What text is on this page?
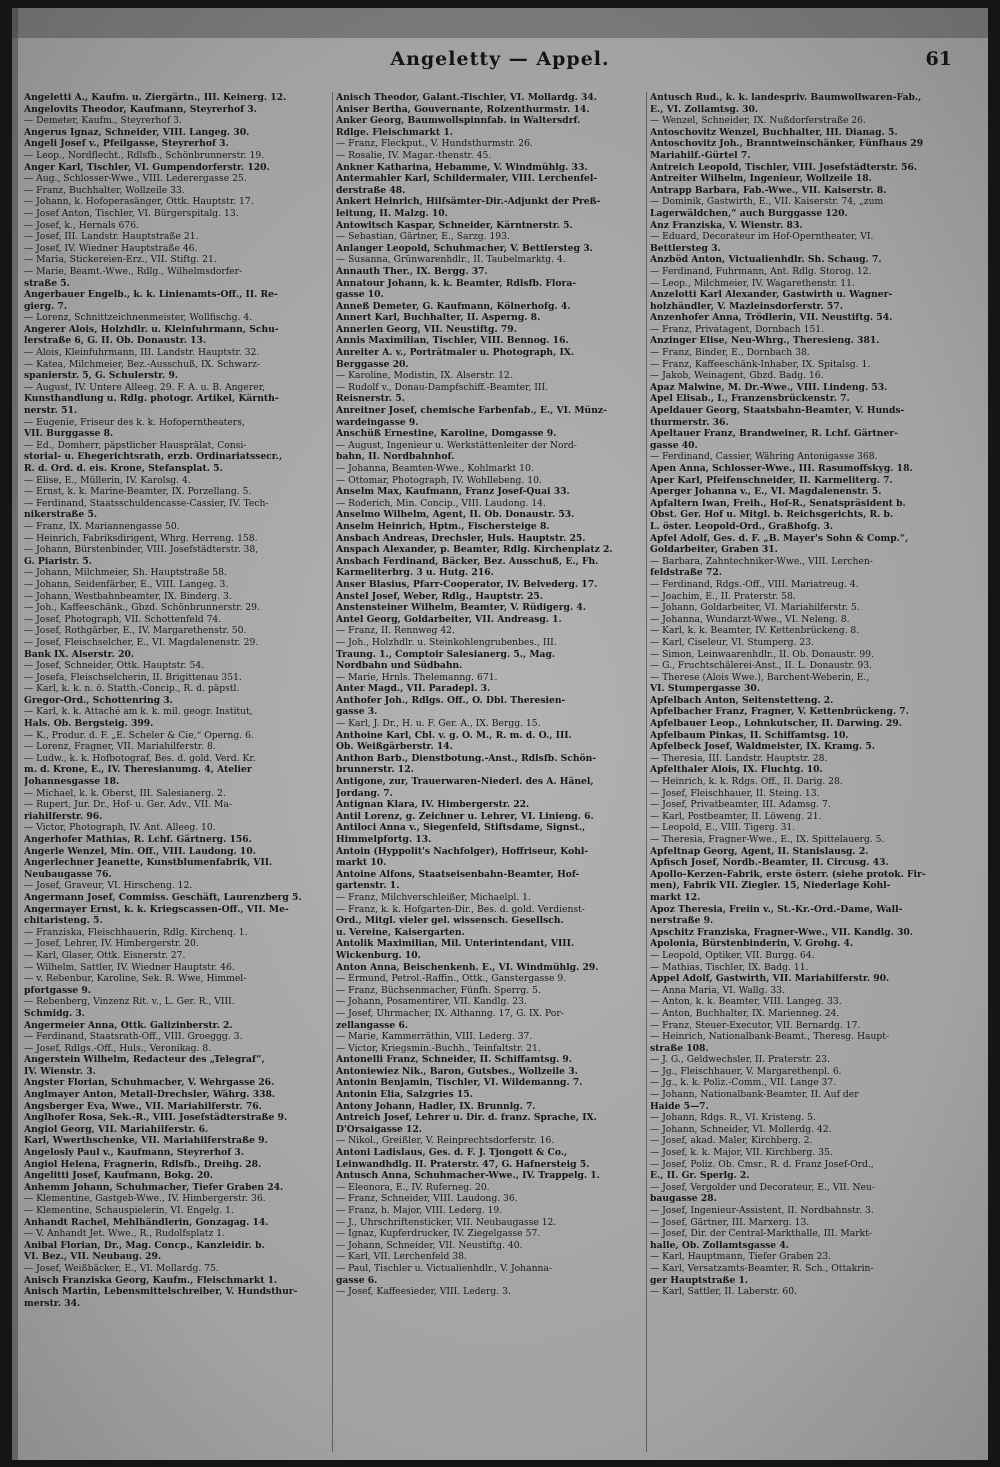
Angeletty — Appel.	61
Angeletti A., Kaufm. u. Ziergärtn., III. Keinerg. 12.
Angelovits Theodor, Kaufmann, Steyrerhof 3.
— Demeter, Kaufm., Steyrerhof 3.
Angerus Ignaz, Schneider, VIII. Langeg. 30.
Angeli Josef v., Pfeilgasse, Steyrerhof 3.
— Leop., Nordflecht., Rdlsfb., Schönbrunnerstr. 19.
Anger Karl, Tischler, VI. Gumpendorferstr. 120.
— Aug., Schlosser-Wwe., VIII. Lederergasse 25.
— Franz, Buchhalter, Wollzeile 33.
— Johann, k. Hofoperasänger, Ottk. Hauptstr. 17.
— Josef Anton, Tischler, VI. Bürgerspitalg. 13.
— Josef, k., Hernals 676.
— Josef, III. Landstr. Hauptstraße 21.
— Josef, IV. Wiedner Hauptstraße 46.
— Maria, Stickereien-Erz., VII. Stiftg. 21.
— Marie, Beamt.-Wwe., Rdlg., Wilhelmsdorfer-
straße 5.
Angerbauer Engelb., k. k. Linienamts-Off., II. Re-
gierg. 7.
— Lorenz, Schnittzeichnenmeister, Wollfischg. 4.
Angerer Alois, Holzhdlr. u. Kleinfuhrmann, Schu-
lerstraße 6, G. II. Ob. Donaustr. 13.
— Alois, Kleinfuhrmann, III. Landstr. Hauptstr. 32.
— Katea, Milchmeier, Bez.-Ausschuß, IX. Schwarz-
spanierstr. 5, G. Schulerstr. 9.
— August, IV. Untere Alleeg. 29. F. A. u. B. Angerer,
Kunsthandlung u. Rdlg. photogr. Artikel, Kärnth-
nerstr. 51.
— Eugenie, Friseur des k. k. Hofoperntheaters,
VII. Burggasse 8.
— Ed., Domherr, päpstlicher Hausprälat, Consi-
storial- u. Ehegerichtsrath, erzb. Ordinariatssecr.,
R. d. Ord. d. eis. Krone, Stefansplat. 5.
— Elise, E., Müllerin, IV. Karolsg. 4.
— Ernst, k. k. Marine-Beamter, IX. Porzellang. 5.
— Ferdinand, Staatsschuldencasse-Cassier, IV. Tech-
nikerstraße 5.
— Franz, IX. Mariannengasse 50.
— Heinrich, Fabriksdirigent, Whrg. Herreng. 158.
— Johann, Bürstenbinder, VIII. Josefstädterstr. 38,
G. Piaristr. 5.
— Johann, Milchmeier, Sh. Hauptstraße 58.
— Johann, Seidenfärber, E., VIII. Langeg. 3.
— Johann, Westbahnbeamter, IX. Binderg. 3.
— Joh., Kaffeeschänk., Gbzd. Schönbrunnerstr. 29.
— Josef, Photograph, VII. Schottenfeld 74.
— Josef, Rothgärber, E., IV. Margarethenstr. 50.
— Josef, Fleischselcher, E., VI. Magdalenenstr. 29.
Bank IX. Alserstr. 20.
— Josef, Schneider, Ottk. Hauptstr. 54.
— Josefa, Fleischselcherin, II. Brigittenau 351.
— Karl, k. k. n. ö. Statth.-Concip., R. d. päpstl.
Gregor-Ord., Schottenring 3.
— Karl, k. k. Attaché am k. k. mil. geogr. Institut,
Hals. Ob. Bergsteig. 399.
— K., Produr. d. F. „E. Scheler & Cie,“ Operng. 6.
— Lorenz, Fragner, VII. Mariahilferstr. 8.
— Ludw., k. k. Hofbotograf, Bes. d. gold. Verd. Kr.
m. d. Krone, E., IV. Theresianumg. 4, Atelier
Johannesgasse 18.
— Michael, k. k. Oberst, III. Salesianerg. 2.
— Rupert, Jur. Dr., Hof- u. Ger. Adv., VII. Ma-
riahilferstr. 96.
— Victor, Photograph, IV. Ant. Alleeg. 10.
Angerhofer Mathias, R. Lchf. Gärtnerg. 156.
Angerle Wenzel, Min. Off., VIII. Laudong. 10.
Angerlechner Jeanette, Kunstblumenfabrik, VII.
Neubaugasse 76.
— Josef, Graveur, VI. Hirscheng. 12.
Angermann Josef, Commiss. Geschäft, Laurenzberg 5.
Angermayer Ernst, k. k. Kriegscassen-Off., VII. Me-
chitaristeng. 5.
— Franziska, Fleischhauerin, Rdlg. Kirchenq. 1.
— Josef, Lehrer, IV. Himbergerstr. 20.
— Karl, Glaser, Ottk. Eisnerstr. 27.
— Wilhelm, Sattler, IV. Wiedner Hauptstr. 46.
— v. Rebenbur, Karoline, Sek. R. Wwe, Himmel-
pfortgasse 9.
— Rebenberg, Vinzenz Rit. v., L. Ger. R., VIII.
Schmidg. 3.
Angermeier Anna, Ottk. Galizinberstr. 2.
— Ferdinand, Staatsrath-Off., VIII. Groeggg. 3.
— Josef, Rdlgs.-Off., Huls., Veronikag. 8.
Angerstein Wilhelm, Redacteur des „Telegraf“,
IV. Wienstr. 3.
Angster Florian, Schuhmacher, V. Wehrgasse 26.
Anglmayer Anton, Metall-Drechsler, Währg. 338.
Angsberger Eva, Wwe., VII. Mariahilferstr. 76.
Anglhofer Rosa, Sek.-R., VIII. Josefstädterstraße 9.
Angiol Georg, VII. Mariahilferstr. 6.
Karl, Wwerthschenke, VII. Mariahilferstraße 9.
Angelosly Paul v., Kaufmann, Steyrerhof 3.
Angiol Helena, Fragnerin, Rdlsfb., Dreihg. 28.
Angelitti Josef, Kaufmann, Bokg. 20.
Anhemm Johann, Schuhmacher, Tiefer Graben 24.
— Klementine, Gastgeb-Wwe., IV. Himbergerstr. 36.
— Klementine, Schauspielerin, VI. Engelg. 1.
Anhandt Rachel, Mehlhändlerin, Gonzagag. 14.
— V. Anhandt Jet. Wwe., R., Rudolfsplatz 1.
Anibal Florian, Dr., Mag. Concp., Kanzleidir. b.
VI. Bez., VII. Neubaug. 29.
— Josef, Weißbäcker, E., VI. Mollardg. 75.
Anisch Franziska Georg, Kaufm., Fleischmarkt 1.
Anisch Martin, Lebensmittelschreiber, V. Hundsthur-
merstr. 34.
Anisch Theodor, Galant.-Tischler, VI. Mollardg. 34.
Aniser Bertha, Gouvernante, Rolzenthurmstr. 14.
Anker Georg, Baumwollspinnfab. in Waltersdrf.
Rdlge. Fleischmarkt 1.
— Franz, Fleckput., V. Hundsthurmstr. 26.
— Rosalie, IV. Magar.-thenstr. 45.
Ankner Katharina, Hebamme, V. Windmühlg. 33.
Antermahler Karl, Schildermaler, VIII. Lerchenfel-
derstraße 48.
Ankert Heinrich, Hilfsämter-Dir.-Adjunkt der Preß-
leitung, II. Malzg. 10.
Antowitsch Kaspar, Schneider, Kärntnerstr. 5.
— Sebastian, Gärtner, E., Sarzg. 193.
Anlanger Leopold, Schuhmacher, V. Bettlersteg 3.
— Susanna, Grünwarenhdlr., II. Taubelmarktg. 4.
Annauth Ther., IX. Bergg. 37.
Annatour Johann, k. k. Beamter, Rdlsfb. Flora-
gasse 10.
Anneß Demeter, G. Kaufmann, Kölnerhofg. 4.
Annert Karl, Buchhalter, II. Asperng. 8.
Annerlen Georg, VII. Neustiftg. 79.
Annis Maximilian, Tischler, VIII. Bennog. 16.
Anreiter A. v., Porträtmaler u. Photograph, IX.
Berggasse 20.
— Karoline, Modistin, IX. Alserstr. 12.
— Rudolf v., Donau-Dampfschiff.-Beamter, III.
Reisnerstr. 5.
Anreitner Josef, chemische Farbenfab., E., VI. Münz-
wardeingasse 9.
Anschüß Ernestine, Karoline, Domgasse 9.
— August, Ingenieur u. Werkstättenleiter der Nord-
bahn, II. Nordbahnhof.
— Johanna, Beamten-Wwe., Kohlmarkt 10.
— Ottomar, Photograph, IV. Wohllebeng. 10.
Anselm Max, Kaufmann, Franz Josef-Quai 33.
— Roderich, Min. Concip., VIII. Laudong. 14.
Anselmo Wilhelm, Agent, II. Ob. Donaustr. 53.
Anselm Heinrich, Hptm., Fischersteige 8.
Ansbach Andreas, Drechsler, Huls. Hauptstr. 25.
Anspach Alexander, p. Beamter, Rdlg. Kirchenplatz 2.
Ansbach Ferdinand, Bäcker, Bez. Ausschuß, E., Fh.
Karmeliterbrg. 3 u. Hutg. 216.
Anser Blasius, Pfarr-Cooperator, IV. Belvederg. 17.
Anstel Josef, Weber, Rdlg., Hauptstr. 25.
Anstensteiner Wilhelm, Beamter, V. Rüdigerg. 4.
Antel Georg, Goldarbeiter, VII. Andreasg. 1.
— Franz, II. Rennweg 42.
— Joh., Holzhdlr. u. Steinkohlengrubenbes., III.
Traung. 1., Comptoir Salesianerg. 5., Mag.
Nordbahn und Südbahn.
— Marie, Hrnls. Thelemanng. 671.
Anter Magd., VII. Paradepl. 3.
Anthofer Joh., Rdlgs. Off., O. Dbl. Theresien-
gasse 3.
— Karl, J. Dr., H. u. F. Ger. A., IX. Bergg. 15.
Anthoine Karl, Cbl. v. g. O. M., R. m. d. O., III.
Ob. Weißgärberstr. 14.
Anthon Barb., Dienstbotung.-Anst., Rdlsfb. Schön-
brunnerstr. 12.
Antigone, zur, Trauerwaren-Niederl. des A. Hänel,
Jordang. 7.
Antignan Klara, IV. Himbergerstr. 22.
Antil Lorenz, g. Zeichner u. Lehrer, VI. Linieng. 6.
Antiloci Anna v., Siegenfeld, Stiftsdame, Signst.,
Himmelpfortg. 13.
Antoin (Hyppolit's Nachfolger), Hoffriseur, Kohl-
markt 10.
Antoine Alfons, Staatseisenbahn-Beamter, Hof-
gartenstr. 1.
— Franz, Milchverschleißer, Michaelpl. 1.
— Franz, k. k. Hofgarten-Dir., Bes. d. gold. Verdienst-
Ord., Mitgl. vieler gel. wissensch. Gesellsch.
u. Vereine, Kaisergarten.
Antolik Maximilian, Mil. Unterintendant, VIII.
Wickenburg. 10.
Anton Anna, Beischenkenh. E., VI. Windmühlg. 29.
— Ermund, Petrol.-Raffin., Ottk., Ganstergasse 9.
— Franz, Büchsenmacher, Fünfh. Sperrg. 5.
— Johann, Posamentirer, VII. Kandlg. 23.
— Josef, Uhrmacher, IX. Althanng. 17, G. IX. Por-
zellangasse 6.
— Marie, Kammerräthin, VIII. Lederg. 37.
— Victor, Kriegsmin.-Buchh., Teinfaltstr. 21.
Antonelli Franz, Schneider, II. Schiffamtsg. 9.
Antoniewiez Nik., Baron, Gutsbes., Wollzeile 3.
Antonin Benjamin, Tischler, VI. Wildemanng. 7.
Antonin Elia, Salzgries 15.
Antony Johann, Hadler, IX. Brunnlg. 7.
Antreich Josef, Lehrer u. Dir. d. franz. Sprache, IX.
D'Orsaigasse 12.
— Nikol., Greißler, V. Reinprechtsdorferstr. 16.
Antoni Ladislaus, Ges. d. F. J. Tjongott & Co.,
Leinwandhdlg. II. Praterstr. 47, G. Hafnersteig 5.
Antusch Anna, Schuhmacher-Wwe., IV. Trappelg. 1.
— Eleonora, E., IV. Ruferneg. 20.
— Franz, Schneider, VIII. Laudong. 36.
— Franz, h. Major, VIII. Lederg. 19.
— J., Uhrschriftensticker, VII. Neubaugasse 12.
— Ignaz, Kupferdrucker, IV. Ziegelgasse 57.
— Johann, Schneider, VII. Neustiftg. 40.
— Karl, VII. Lerchenfeld 38.
— Paul, Tischler u. Victualienhdlr., V. Johanna-
gasse 6.
— Josef, Kaffeesieder, VIII. Lederg. 3.
Antusch Rud., k. k. landespriv. Baumwollwaren-Fab.,
E., VI. Zollamtsg. 30.
— Wenzel, Schneider, IX. Nußdorferstraße 26.
Antoschovitz Wenzel, Buchhalter, III. Dianag. 5.
Antoschovitz Joh., Branntweinschänker, Fünfhaus 29
Mariahilf.-Gürtel 7.
Antreich Leopold, Tischler, VIII. Josefstädterstr. 56.
Antreiter Wilhelm, Ingenieur, Wollzeile 18.
Antrapp Barbara, Fab.-Wwe., VII. Kaiserstr. 8.
— Dominik, Gastwirth, E., VII. Kaiserstr. 74, „zum
Lagerwäldchen,“ auch Burggasse 120.
Anz Franziska, V. Wienstr. 83.
— Eduard, Decorateur im Hof-Operntheater, VI.
Bettlersteg 3.
Anzböd Anton, Victualienhdlr. Sh. Schaug. 7.
— Ferdinand, Fuhrmann, Ant. Rdlg. Storog. 12.
— Leop., Milchmeier, IV. Wagarethenstr. 11.
Anzelotti Karl Alexander, Gastwirth u. Wagner-
holzhändler, V. Mazleinsdorferstr. 57.
Anzenhofer Anna, Trödlerin, VII. Neustiftg. 54.
— Franz, Privatagent, Dornbach 151.
Anzinger Elise, Neu-Whrg., Theresieng. 381.
— Franz, Binder, E., Dornbach 38.
— Franz, Kaffeeschänk-Inhaber, IX. Spitalsg. 1.
— Jakob, Weinagent, Gbzd. Badg. 16.
Apaz Malwine, M. Dr.-Wwe., VIII. Lindeng. 53.
Apel Elisab., I., Franzensbrückenstr. 7.
Apeldauer Georg, Staatsbahn-Beamter, V. Hunds-
thurmerstr. 36.
Apeltauer Franz, Brandweiner, R. Lchf. Gärtner-
gasse 40.
— Ferdinand, Cassier, Währing Antonigasse 368.
Apen Anna, Schlosser-Wwe., III. Rasumoffskyg. 18.
Aper Karl, Pfeifenschneider, II. Karmeliterg. 7.
Aperger Johanna v., E., VI. Magdalenenstr. 5.
Apfaltern Iwan, Freih., Hof-R., Senatspräsident b.
Obst. Ger. Hof u. Mitgl. b. Reichsgerichts, R. b.
L. öster. Leopold-Ord., Graßhofg. 3.
Apfel Adolf, Ges. d. F. „B. Mayer's Sohn & Comp.“,
Goldarbeiter, Graben 31.
— Barbara, Zahntechniker-Wwe., VIII. Lerchen-
feldstraße 72.
— Ferdinand, Rdgs.-Off., VIII. Mariatreug. 4.
— Joachim, E., II. Praterstr. 58.
— Johann, Goldarbeiter, VI. Mariahilferstr. 5.
— Johanna, Wundarzt-Wwe., VI. Neleng. 8.
— Karl, k. k. Beamter, IV. Kettenbrückeng. 8.
— Karl, Ciseleur, VI. Stumperg. 23.
— Simon, Leinwaarenhdlr., II. Ob. Donaustr. 99.
— G., Fruchtschälerei-Anst., II. L. Donaustr. 93.
— Therese (Alois Wwe.), Barchent-Weberin, E.,
VI. Stumpergasse 30.
Apfelbach Anton, Seitenstetteng. 2.
Apfelbacher Franz, Fragner, V. Kettenbrückeng. 7.
Apfelbauer Leop., Lohnkutscher, II. Darwing. 29.
Apfelbaum Pinkas, II. Schiffamtsg. 10.
Apfelbeck Josef, Waldmeister, IX. Kramg. 5.
— Theresia, III. Landstr. Hauptstr. 28.
Apfelthaler Alois, IX. Fluchtg. 10.
— Heinrich, k. k. Rdgs. Off., II. Darig. 28.
— Josef, Fleischhauer, II. Steing. 13.
— Josef, Privatbeamter, III. Adamsg. 7.
— Karl, Postbeamter, II. Löweng. 21.
— Leopold, E., VIII. Tigerg. 31.
— Theresia, Fragner-Wwe., E., IX. Spittelauerg. 5.
Apfeltnap Georg, Agent, II. Stanislausg. 2.
Apfisch Josef, Nordb.-Beamter, II. Circusg. 43.
Apollo-Kerzen-Fabrik, erste österr. (siehe protok. Fir-
men), Fabrik VII. Ziegler. 15, Niederlage Kohl-
markt 12.
Apoz Theresia, Freiin v., St.-Kr.-Ord.-Dame, Wall-
nerstraße 9.
Apschitz Franziska, Fragner-Wwe., VII. Kandlg. 30.
Apolonia, Bürstenbinderin, V. Grohg. 4.
— Leopold, Optiker, VII. Burgg. 64.
— Mathias, Tischler, IX. Badg. 11.
Appel Adolf, Gastwirth, VII. Mariahilferstr. 90.
— Anna Maria, VI. Wallg. 33.
— Anton, k. k. Beamter, VIII. Langeg. 33.
— Anton, Buchhalter, IX. Marienneg. 24.
— Franz, Steuer-Executor, VII. Bernardg. 17.
— Heinrich, Nationalbank-Beamt., Theresg. Haupt-
straße 108.
— J. G., Geldwechsler, II. Praterstr. 23.
— Jg., Fleischhauer, V. Margarethenpl. 6.
— Jg., k. k. Poliz.-Comm., VII. Lange 37.
— Johann, Nationalbank-Beamter, II. Auf der
Haide 5—7.
— Johann, Rdgs. R., VI. Kristeng. 5.
— Johann, Schneider, VI. Mollerdg. 42.
— Josef, akad. Maler, Kirchberg. 2.
— Josef, k. k. Major, VII. Kirchberg. 35.
— Josef, Poliz. Ob. Cmsr., R. d. Franz Josef-Ord.,
E., II. Gr. Sperlg. 2.
— Josef, Vergolder und Decorateur, E., VII. Neu-
baugasse 28.
— Josef, Ingenieur-Assistent, II. Nordbahnstr. 3.
— Josef, Gärtner, III. Marxerg. 13.
— Josef, Dir. der Central-Markthalle, III. Markt-
halle, Ob. Zollamtsgasse 4.
— Karl, Hauptmann, Tiefer Graben 23.
— Karl, Versatzamts-Beamter, R. Sch., Ottakrin-
ger Hauptstraße 1.
— Karl, Sattler, II. Laberstr. 60.
